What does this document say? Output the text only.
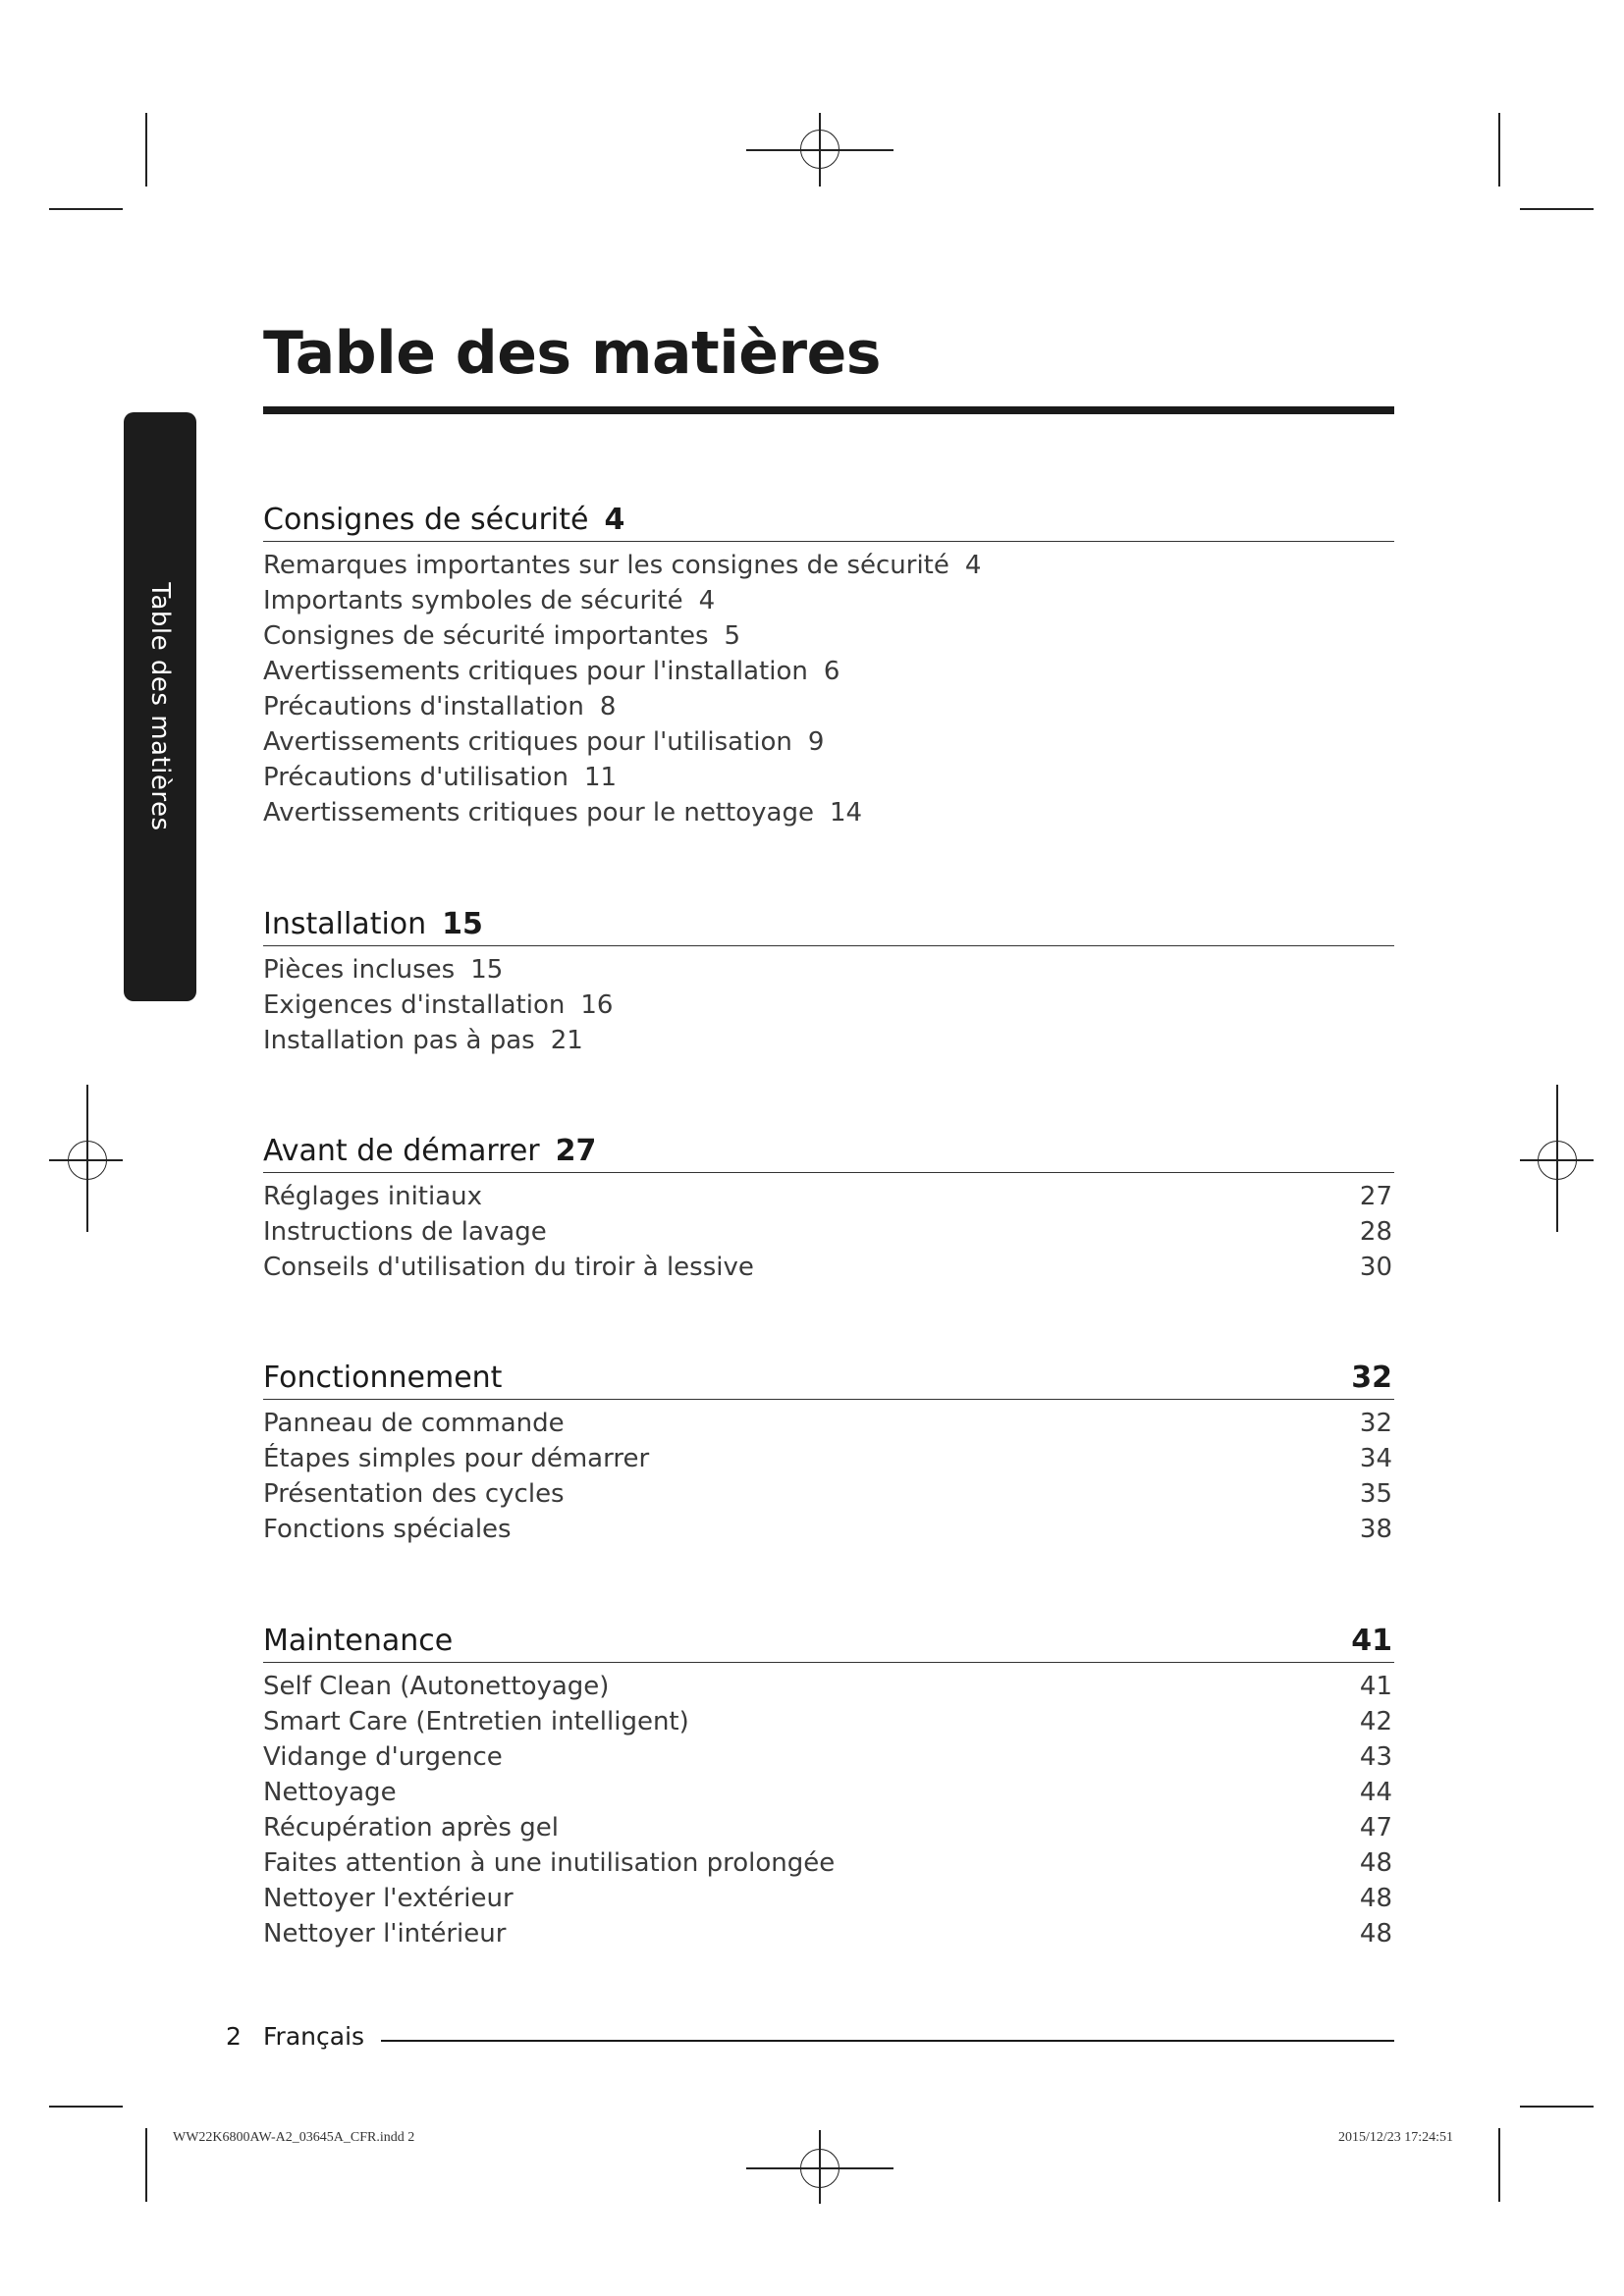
Table des matières
Table des matières
Consignes de sécurité 4
Remarques importantes sur les consignes de sécurité 4
Importants symboles de sécurité 4
Consignes de sécurité importantes 5
Avertissements critiques pour l'installation 6
Précautions d'installation 8
Avertissements critiques pour l'utilisation 9
Précautions d'utilisation 11
Avertissements critiques pour le nettoyage 14
Installation 15
Pièces incluses 15
Exigences d'installation 16
Installation pas à pas 21
Avant de démarrer 27
Réglages initiaux	27
Instructions de lavage	28
Conseils d'utilisation du tiroir à lessive	30
Fonctionnement	32
Panneau de commande	32
Étapes simples pour démarrer	34
Présentation des cycles	35
Fonctions spéciales	38
Maintenance	41
Self Clean (Autonettoyage)	41
Smart Care (Entretien intelligent)	42
Vidange d'urgence	43
Nettoyage	44
Récupération après gel	47
Faites attention à une inutilisation prolongée	48
Nettoyer l'extérieur	48
Nettoyer l'intérieur	48
2 Français
WW22K6800AW-A2_03645A_CFR.indd 2	2015/12/23 17:24:51
